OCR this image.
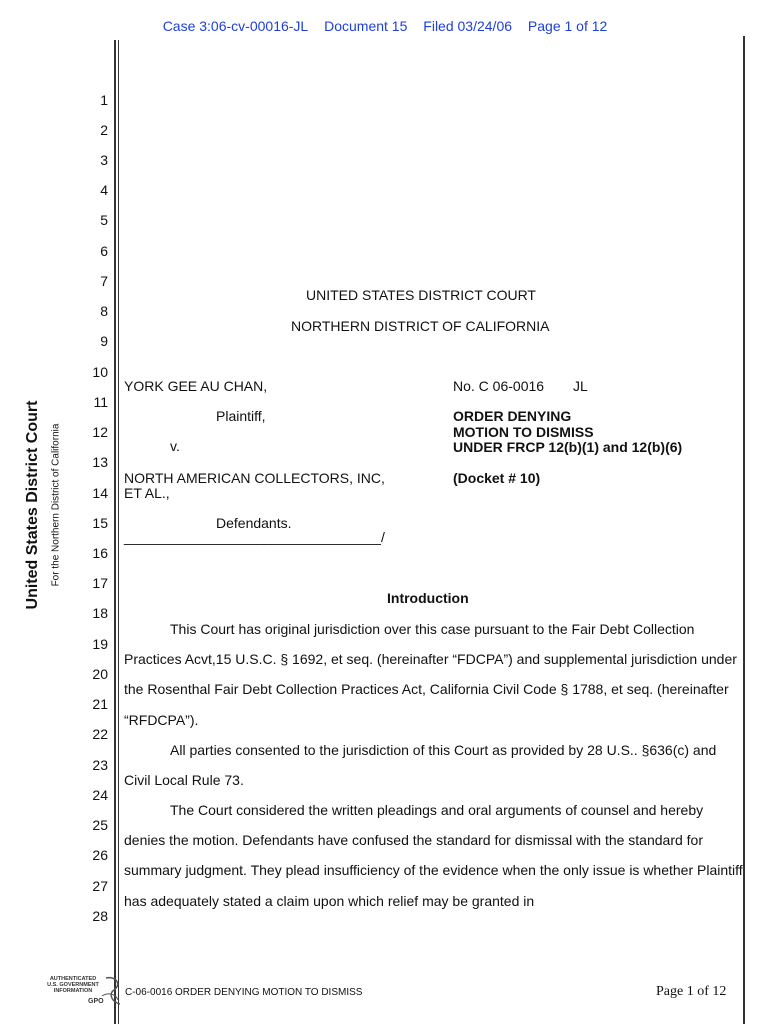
Case 3:06-cv-00016-JL Document 15 Filed 03/24/06 Page 1 of 12
United States District Court For the Northern District of California
1
2
3
4
5
6
7
8
9
10
11
12
13
14
15
16
17
18
19
20
21
22
23
24
25
26
27
28
UNITED STATES DISTRICT COURT
NORTHERN DISTRICT OF CALIFORNIA
YORK GEE AU CHAN,
Plaintiff,
v.
NORTH AMERICAN COLLECTORS, INC,
ET AL.,
Defendants.
_________________________________/
No. C 06-0016 JL
ORDER DENYING
MOTION TO DISMISS
UNDER FRCP 12(b)(1) and 12(b)(6)
(Docket # 10)
Introduction
This Court has original jurisdiction over this case pursuant to the Fair Debt Collection Practices Acvt,15 U.S.C. § 1692, et seq. (hereinafter “FDCPA”) and supplemental jurisdiction under the Rosenthal Fair Debt Collection Practices Act, California Civil Code § 1788, et seq. (hereinafter “RFDCPA”).
All parties consented to the jurisdiction of this Court as provided by 28 U.S.. §636(c) and Civil Local Rule 73.
The Court considered the written pleadings and oral arguments of counsel and hereby denies the motion. Defendants have confused the standard for dismissal with the standard for summary judgment. They plead insufficiency of the evidence when the only issue is whether Plaintiff has adequately stated a claim upon which relief may be granted in
AUTHENTICATED U.S. GOVERNMENT INFORMATION
GPO
C-06-0016 ORDER DENYING MOTION TO DISMISS	Page 1 of 12
